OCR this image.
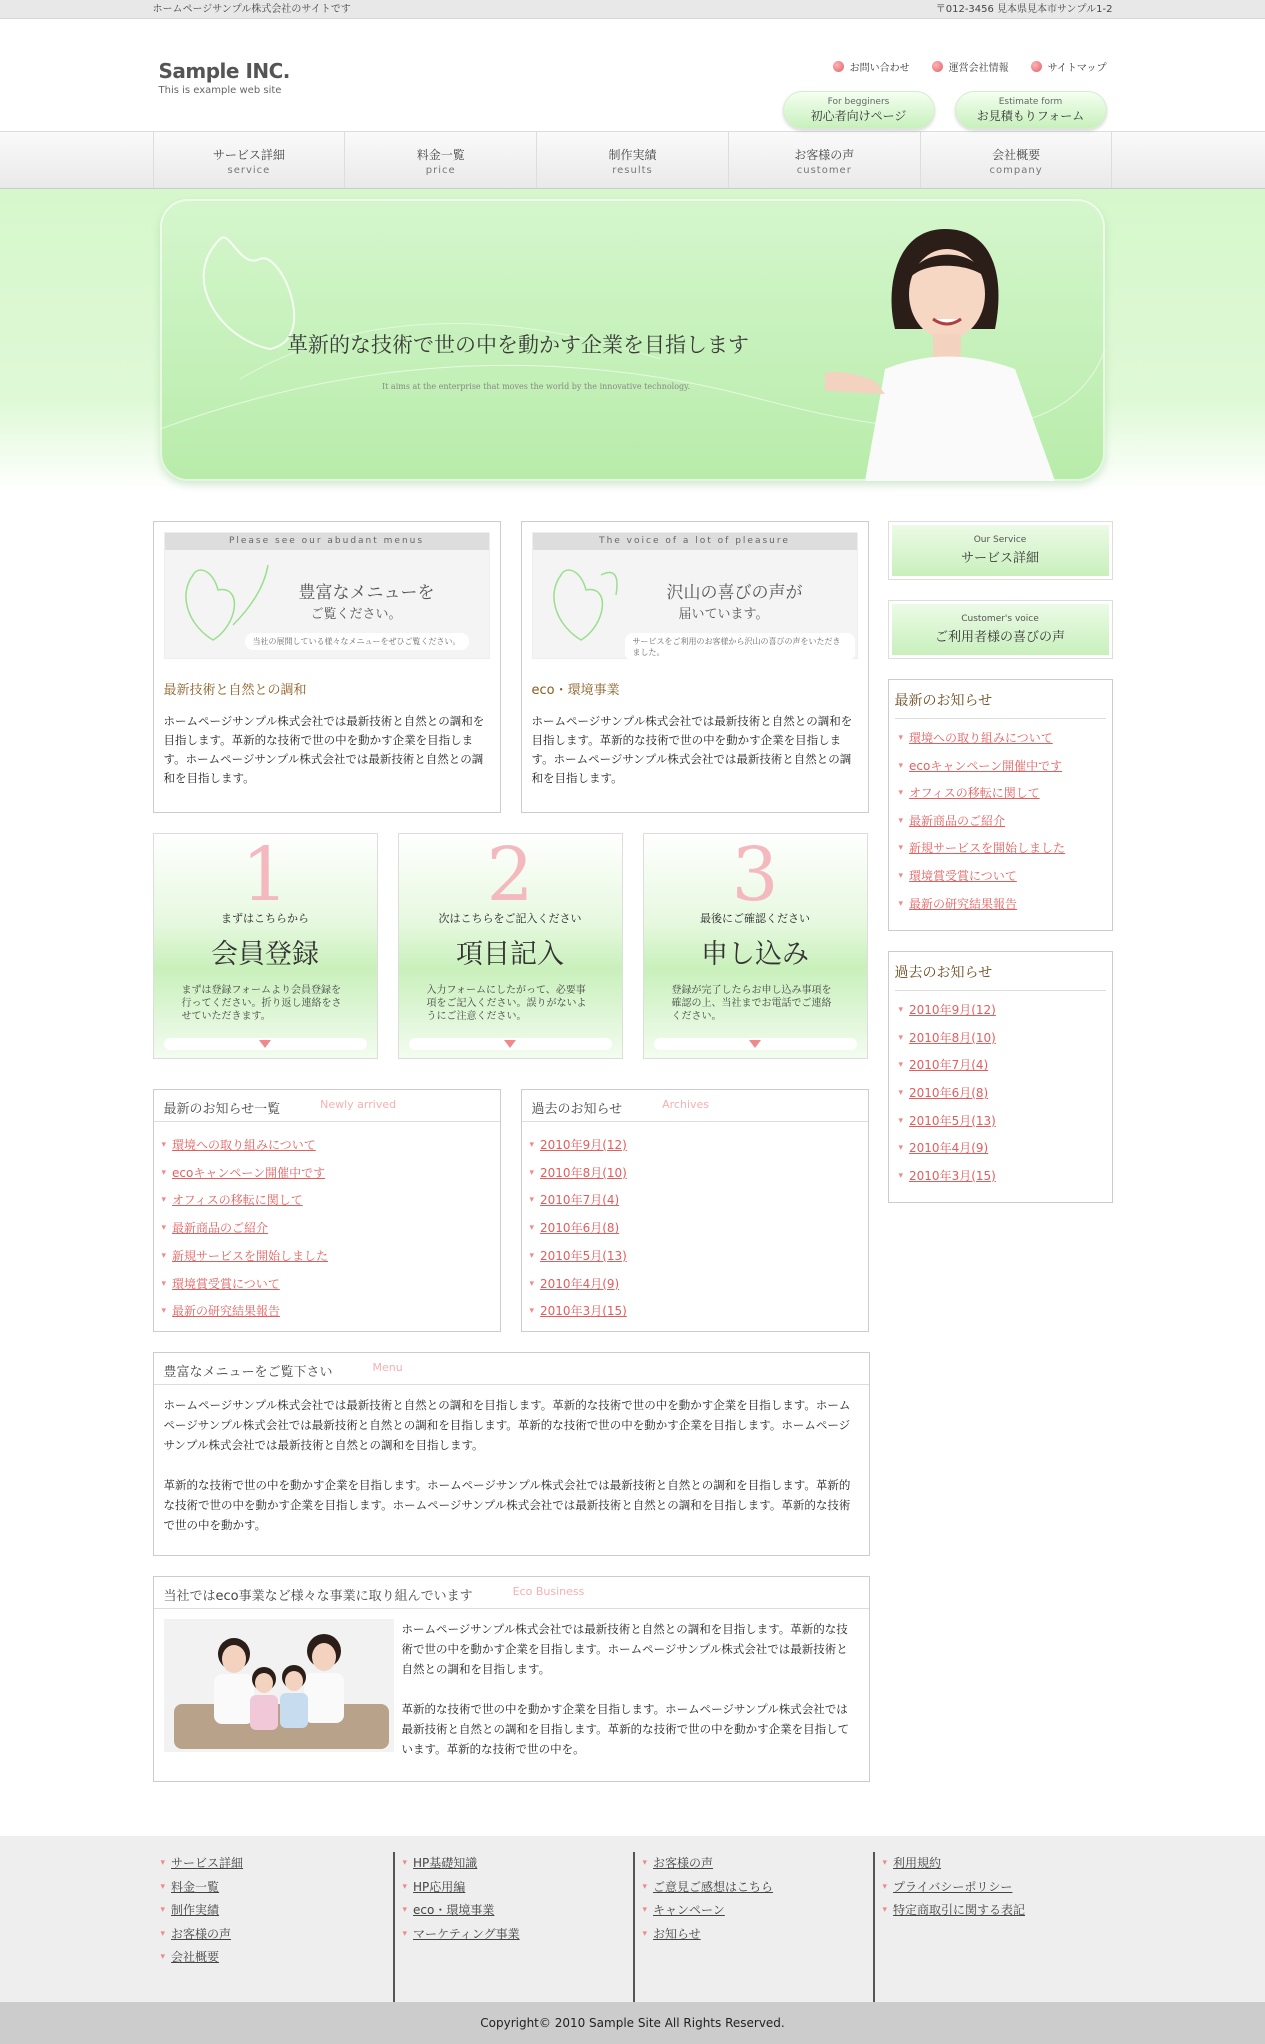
ホームページサンプル株式会社のサイトです	〒012-3456 見本県見本市サンプル1-2
Sample INC.
This is example web site
お問い合わせ	運営会社情報	サイトマップ
For begginers
初心者向けページ
Estimate form
お見積もりフォーム
サービス詳細
service
料金一覧
price
制作実績
results
お客様の声
customer
会社概要
company
革新的な技術で世の中を動かす企業を目指します
It aims at the enterprise that moves the world by the innovative technology.
Please see our abudant menus
豊富なメニューを
ご覧ください。
当社の展開している様々なメニューをぜひご覧ください。
最新技術と自然との調和

ホームページサンプル株式会社では最新技術と自然との調和を目指します。革新的な技術で世の中を動かす企業を目指します。ホームページサンプル株式会社では最新技術と自然との調和を目指します。

The voice of a lot of pleasure
沢山の喜びの声が
届いています。
サービスをご利用のお客様から沢山の喜びの声をいただきました。
eco・環境事業

ホームページサンプル株式会社では最新技術と自然との調和を目指します。革新的な技術で世の中を動かす企業を目指します。ホームページサンプル株式会社では最新技術と自然との調和を目指します。

1
まずはこちらから
会員登録
まずは登録フォームより会員登録を行ってください。折り返し連絡をさせていただきます。
2
次はこちらをご記入ください
項目記入
入力フォームにしたがって、必要事項をご記入ください。誤りがないようにご注意ください。
3
最後にご確認ください
申し込み
登録が完了したらお申し込み事項を確認の上、当社までお電話でご連絡ください。
最新のお知らせ一覧	Newly arrived
▾ 環境への取り組みについて
▾ ecoキャンペーン開催中です
▾ オフィスの移転に関して
▾ 最新商品のご紹介
▾ 新規サービスを開始しました
▾ 環境賞受賞について
▾ 最新の研究結果報告
過去のお知らせ	Archives
▾ 2010年9月(12)
▾ 2010年8月(10)
▾ 2010年7月(4)
▾ 2010年6月(8)
▾ 2010年5月(13)
▾ 2010年4月(9)
▾ 2010年3月(15)
豊富なメニューをご覧下さい	Menu

ホームページサンプル株式会社では最新技術と自然との調和を目指します。革新的な技術で世の中を動かす企業を目指します。ホームページサンプル株式会社では最新技術と自然との調和を目指します。革新的な技術で世の中を動かす企業を目指します。ホームページサンプル株式会社では最新技術と自然との調和を目指します。

革新的な技術で世の中を動かす企業を目指します。ホームページサンプル株式会社では最新技術と自然との調和を目指します。革新的な技術で世の中を動かす企業を目指します。ホームページサンプル株式会社では最新技術と自然との調和を目指します。革新的な技術で世の中を動かす。

当社ではeco事業など様々な事業に取り組んでいます	Eco Business

ホームページサンプル株式会社では最新技術と自然との調和を目指します。革新的な技術で世の中を動かす企業を目指します。ホームページサンプル株式会社では最新技術と自然との調和を目指します。

革新的な技術で世の中を動かす企業を目指します。ホームページサンプル株式会社では最新技術と自然との調和を目指します。革新的な技術で世の中を動かす企業を目指しています。革新的な技術で世の中を。

Our Service
サービス詳細
Customer's voice
ご利用者様の喜びの声
最新のお知らせ
▾ 環境への取り組みについて
▾ ecoキャンペーン開催中です
▾ オフィスの移転に関して
▾ 最新商品のご紹介
▾ 新規サービスを開始しました
▾ 環境賞受賞について
▾ 最新の研究結果報告
過去のお知らせ
▾ 2010年9月(12)
▾ 2010年8月(10)
▾ 2010年7月(4)
▾ 2010年6月(8)
▾ 2010年5月(13)
▾ 2010年4月(9)
▾ 2010年3月(15)
▾ サービス詳細
▾ 料金一覧
▾ 制作実績
▾ お客様の声
▾ 会社概要
▾ HP基礎知識
▾ HP応用編
▾ eco・環境事業
▾ マーケティング事業
▾ お客様の声
▾ ご意見ご感想はこちら
▾ キャンペーン
▾ お知らせ
▾ 利用規約
▾ プライバシーポリシー
▾ 特定商取引に関する表記
Copyright© 2010 Sample Site All Rights Reserved.
